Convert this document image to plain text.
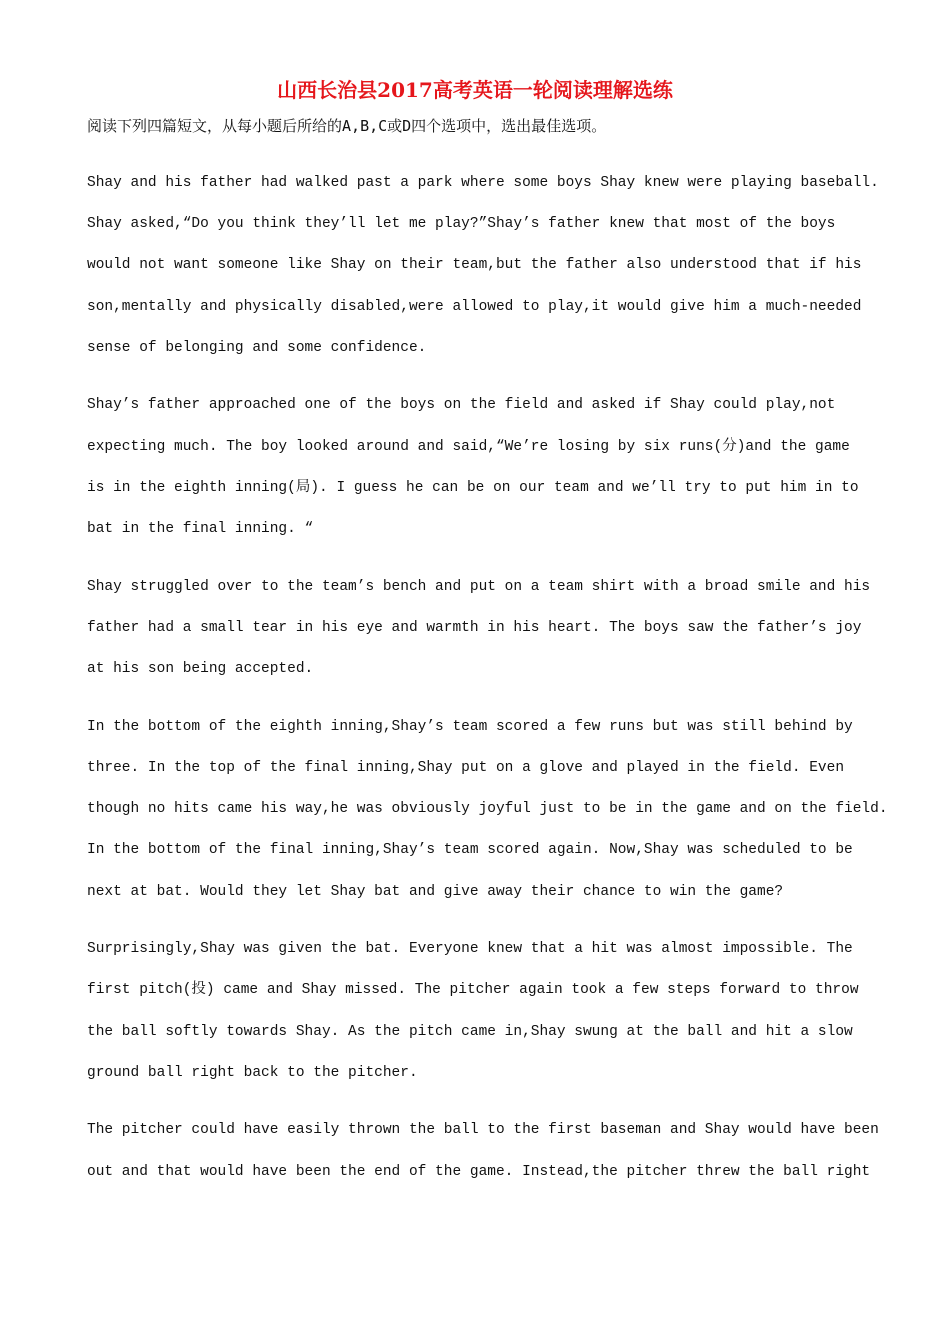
山西长治县2017高考英语一轮阅读理解选练
阅读下列四篇短文，从每小题后所给的A,B,C或D四个选项中，选出最佳选项。
Shay and his father had walked past a park where some boys Shay knew were playing baseball.
Shay asked,“Do you think they’ll let me play?”Shay’s father knew that most of the boys
would not want someone like Shay on their team,but the father also understood that if his
son,mentally and physically disabled,were allowed to play,it would give him a much-needed
sense of belonging and some confidence.
Shay’s father approached one of the boys on the field and asked if Shay could play,not
expecting much. The boy looked around and said,“We’re losing by six runs(分)and the game
is in the eighth inning(局). I guess he can be on our team and we’ll try to put him in to
bat in the final inning. “
Shay struggled over to the team’s bench and put on a team shirt with a broad smile and his
father had a small tear in his eye and warmth in his heart. The boys saw the father’s joy
at his son being accepted.
In the bottom of the eighth inning,Shay’s team scored a few runs but was still behind by
three. In the top of the final inning,Shay put on a glove and played in the field. Even
though no hits came his way,he was obviously joyful just to be in the game and on the field.
In the bottom of the final inning,Shay’s team scored again. Now,Shay was scheduled to be
next at bat. Would they let Shay bat and give away their chance to win the game?
Surprisingly,Shay was given the bat. Everyone knew that a hit was almost impossible. The
first pitch(投) came and Shay missed. The pitcher again took a few steps forward to throw
the ball softly towards Shay. As the pitch came in,Shay swung at the ball and hit a slow
ground ball right back to the pitcher.
The pitcher could have easily thrown the ball to the first baseman and Shay would have been
out and that would have been the end of the game. Instead,the pitcher threw the ball right
